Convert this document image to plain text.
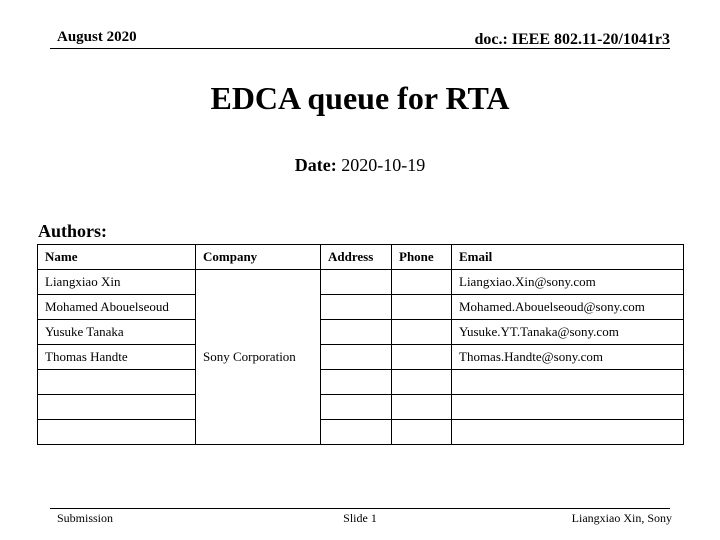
August 2020	doc.: IEEE 802.11-20/1041r3
EDCA queue for RTA
Date: 2020-10-19
Authors:
Name	Company	Address	Phone	Email
Liangxiao Xin	Sony Corporation			Liangxiao.Xin@sony.com
Mohamed Abouelseoud				Mohamed.Abouelseoud@sony.com
Yusuke Tanaka				Yusuke.YT.Tanaka@sony.com
Thomas Handte				Thomas.Handte@sony.com

Submission	Slide 1	Liangxiao Xin, Sony
